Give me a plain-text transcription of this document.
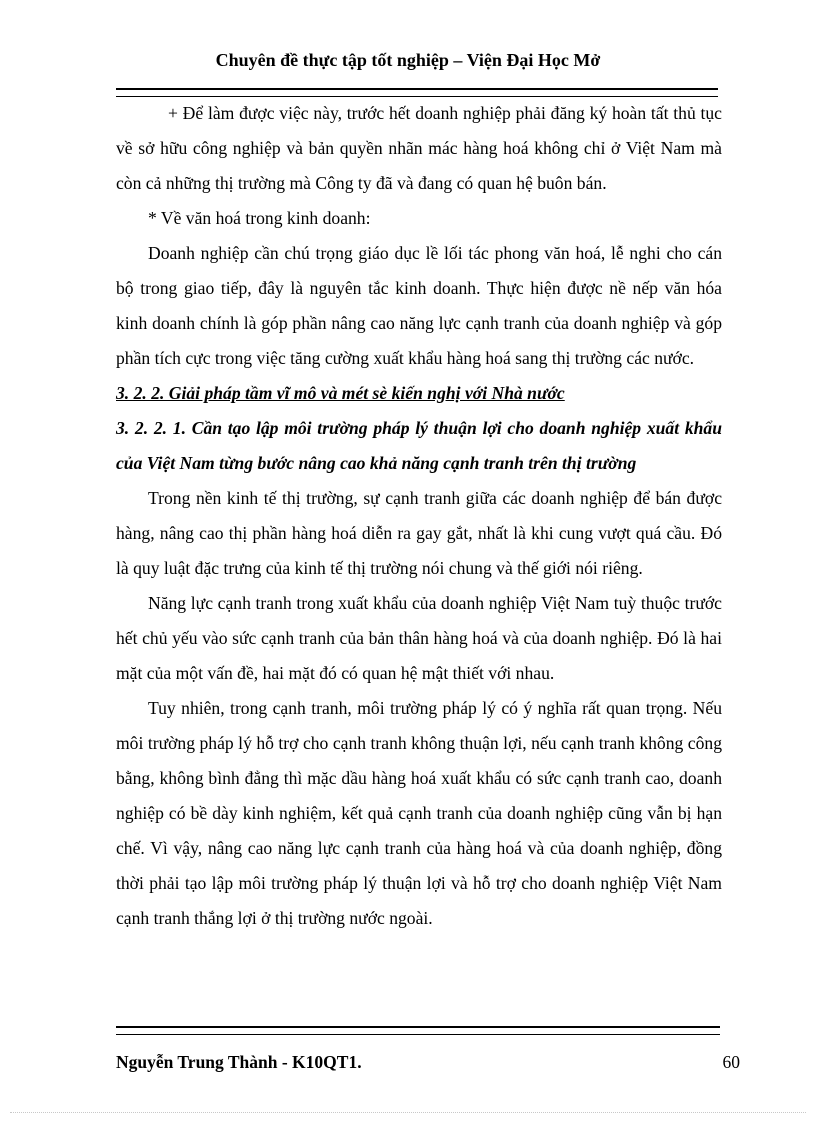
Chuyên đề thực tập tốt nghiệp – Viện Đại Học Mở

+ Để làm được việc này, trước hết doanh nghiệp phải đăng ký hoàn tất thủ tục về sở hữu công nghiệp và bản quyền nhãn mác hàng hoá không chỉ ở Việt Nam mà còn cả những thị trường mà Công ty đã và đang có quan hệ buôn bán.

* Về văn hoá trong kinh doanh:

Doanh nghiệp cần chú trọng giáo dục lề lối tác phong văn hoá, lễ nghi cho cán bộ trong giao tiếp, đây là nguyên tắc kinh doanh. Thực hiện được nề nếp văn hóa kinh doanh chính là góp phần nâng cao năng lực cạnh tranh của doanh nghiệp và góp phần tích cực trong việc tăng cường xuất khẩu hàng hoá sang thị trường các nước.

3. 2. 2. Giải pháp tầm vĩ mô và mét sè kiến nghị với Nhà nước

3. 2. 2. 1. Cần tạo lập môi trường pháp lý thuận lợi cho doanh nghiệp xuất khẩu của Việt Nam từng bước nâng cao khả năng cạnh tranh trên thị trường

Trong nền kinh tế thị trường, sự cạnh tranh giữa các doanh nghiệp để bán được hàng, nâng cao thị phần hàng hoá diễn ra gay gắt, nhất là khi cung vượt quá cầu. Đó là quy luật đặc trưng của kinh tế thị trường nói chung và thế giới nói riêng.

Năng lực cạnh tranh trong xuất khẩu của doanh nghiệp Việt Nam tuỳ thuộc trước hết chủ yếu vào sức cạnh tranh của bản thân hàng hoá và của doanh nghiệp. Đó là hai mặt của một vấn đề, hai mặt đó có quan hệ mật thiết với nhau.

Tuy nhiên, trong cạnh tranh, môi trường pháp lý có ý nghĩa rất quan trọng. Nếu môi trường pháp lý hỗ trợ cho cạnh tranh không thuận lợi, nếu cạnh tranh không công bằng, không bình đẳng thì mặc dầu hàng hoá xuất khẩu có sức cạnh tranh cao, doanh nghiệp có bề dày kinh nghiệm, kết quả cạnh tranh của doanh nghiệp cũng vẫn bị hạn chế. Vì vậy, nâng cao năng lực cạnh tranh của hàng hoá và của doanh nghiệp, đồng thời phải tạo lập môi trường pháp lý thuận lợi và hỗ trợ cho doanh nghiệp Việt Nam cạnh tranh thắng lợi ở thị trường nước ngoài.

Nguyễn Trung Thành - K10QT1.	60
